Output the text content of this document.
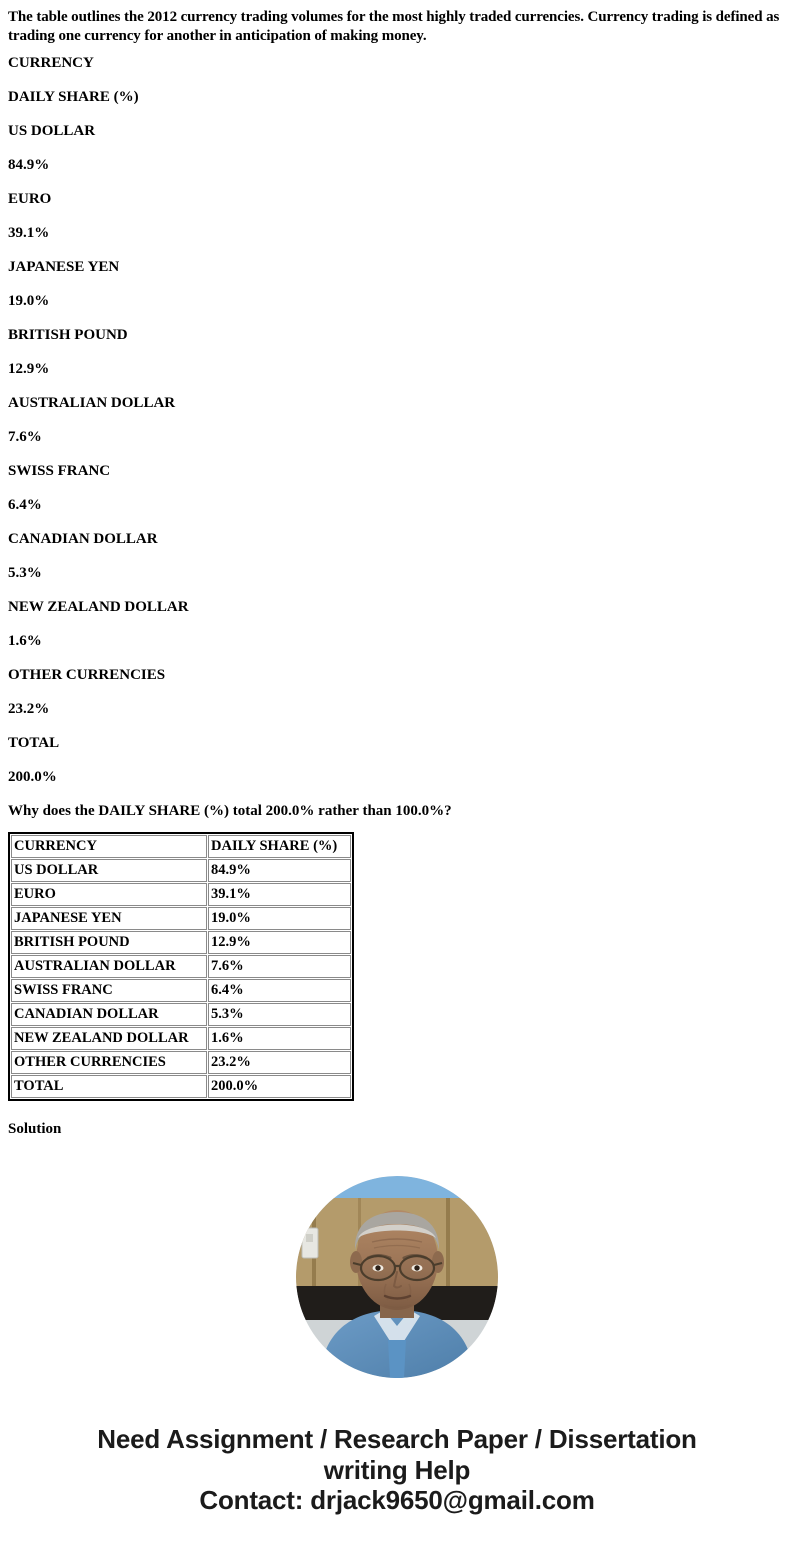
The table outlines the 2012 currency trading volumes for the most highly traded currencies. Currency trading is defined as trading one currency for another in anticipation of making money.

CURRENCY
DAILY SHARE (%)
US DOLLAR
84.9%
EURO
39.1%
JAPANESE YEN
19.0%
BRITISH POUND
12.9%
AUSTRALIAN DOLLAR
7.6%
SWISS FRANC
6.4%
CANADIAN DOLLAR
5.3%
NEW ZEALAND DOLLAR
1.6%
OTHER CURRENCIES
23.2%
TOTAL
200.0%

Why does the DAILY SHARE (%) total 200.0% rather than 100.0%?

CURRENCY	DAILY SHARE (%)
US DOLLAR	84.9%
EURO	39.1%
JAPANESE YEN	19.0%
BRITISH POUND	12.9%
AUSTRALIAN DOLLAR	7.6%
SWISS FRANC	6.4%
CANADIAN DOLLAR	5.3%
NEW ZEALAND DOLLAR	1.6%
OTHER CURRENCIES	23.2%
TOTAL	200.0%

Solution

Need Assignment / Research Paper / Dissertation
writing Help
Contact: drjack9650@gmail.com
